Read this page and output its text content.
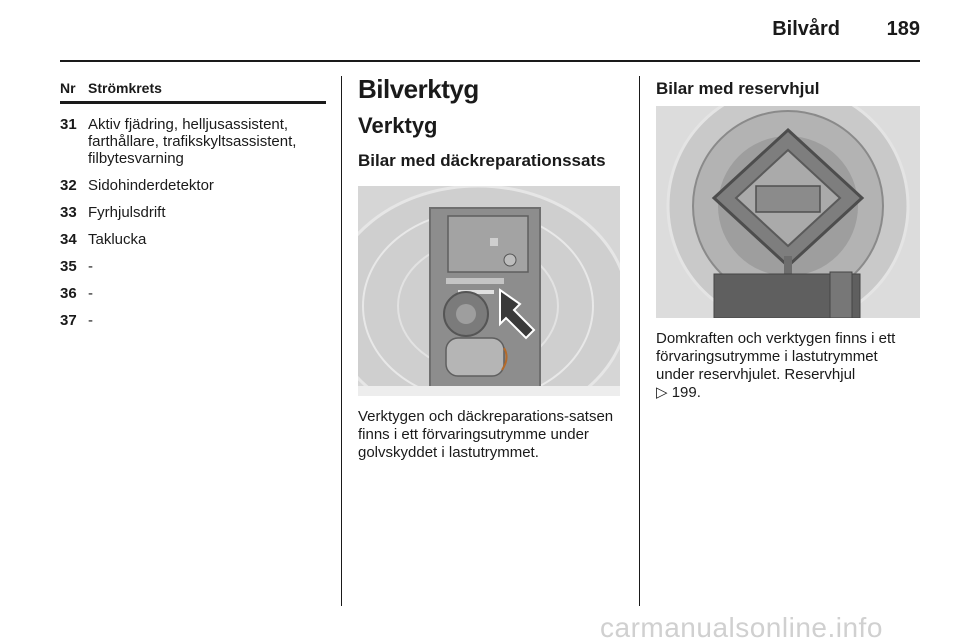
Bilvård 189
Nr Strömkrets
31 Aktiv fjädring, helljusassistent, farthållare, trafikskyltsassistent, filbytesvarning
32 Sidohinderdetektor
33 Fyrhjulsdrift
34 Taklucka
35 -
36 -
37 -
Bilverktyg
Verktyg
Bilar med däckreparationssats
Verktygen och däckreparations-satsen finns i ett förvaringsutrymme under golvskyddet i lastutrymmet.
Bilar med reservhjul
Domkraften och verktygen finns i ett förvaringsutrymme i lastutrymmet under reservhjulet. Reservhjul
▷ 199.
carmanualsonline.info
